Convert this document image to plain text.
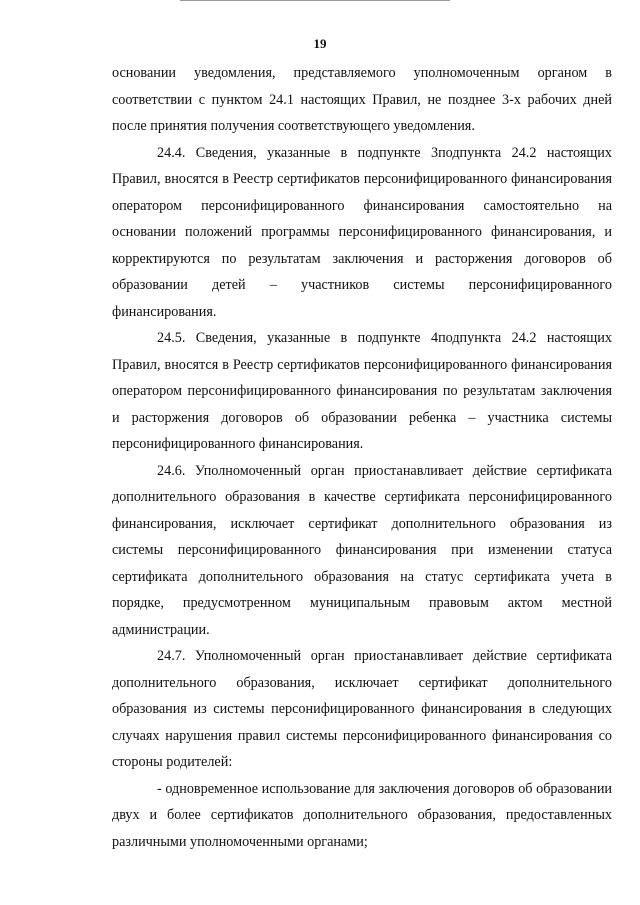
19

основании уведомления, представляемого уполномоченным органом в соответствии с пунктом 24.1 настоящих Правил, не позднее 3-х рабочих дней после принятия получения соответствующего уведомления.

24.4. Сведения, указанные в подпункте 3подпункта 24.2 настоящих Правил, вносятся в Реестр сертификатов персонифицированного финансирования оператором персонифицированного финансирования самостоятельно на основании положений программы персонифицированного финансирования, и корректируются по результатам заключения и расторжения договоров об образовании детей – участников системы персонифицированного финансирования.

24.5. Сведения, указанные в подпункте 4подпункта 24.2 настоящих Правил, вносятся в Реестр сертификатов персонифицированного финансирования оператором персонифицированного финансирования по результатам заключения и расторжения договоров об образовании ребенка – участника системы персонифицированного финансирования.

24.6. Уполномоченный орган приостанавливает действие сертификата дополнительного образования в качестве сертификата персонифицированного финансирования, исключает сертификат дополнительного образования из системы персонифицированного финансирования при изменении статуса сертификата дополнительного образования на статус сертификата учета в порядке, предусмотренном муниципальным правовым актом местной администрации.

24.7. Уполномоченный орган приостанавливает действие сертификата дополнительного образования, исключает сертификат дополнительного образования из системы персонифицированного финансирования в следующих случаях нарушения правил системы персонифицированного финансирования со стороны родителей:

- одновременное использование для заключения договоров об образовании двух и более сертификатов дополнительного образования, предоставленных различными уполномоченными органами;
